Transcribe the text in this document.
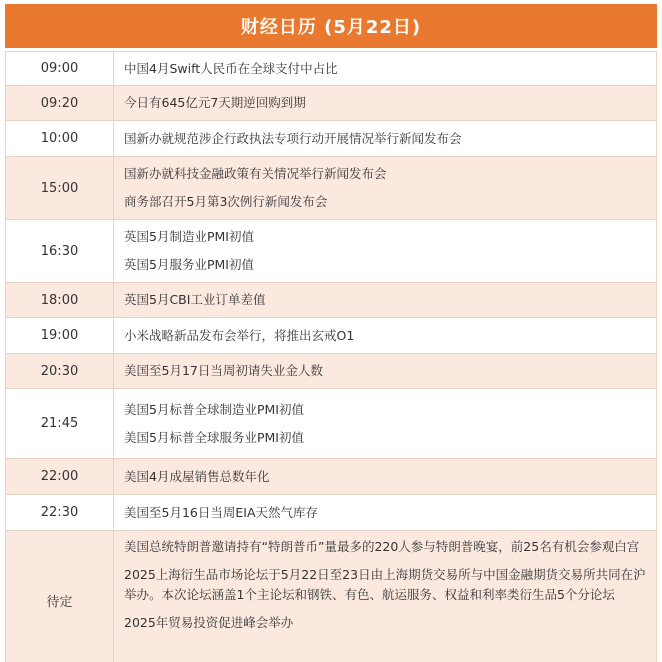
财经日历 (5月22日)
09:00	中国4月Swift人民币在全球支付中占比

09:20	今日有645亿元7天期逆回购到期

10:00	国新办就规范涉企行政执法专项行动开展情况举行新闻发布会

15:00	国新办就科技金融政策有关情况举行新闻发布会
商务部召开5月第3次例行新闻发布会

16:30	英国5月制造业PMI初值
英国5月服务业PMI初值

18:00	英国5月CBI工业订单差值

19:00	小米战略新品发布会举行，将推出玄戒O1

20:30	美国至5月17日当周初请失业金人数

21:45	美国5月标普全球制造业PMI初值
美国5月标普全球服务业PMI初值

22:00	美国4月成屋销售总数年化

22:30	美国至5月16日当周EIA天然气库存

待定	美国总统特朗普邀请持有“特朗普币”量最多的220人参与特朗普晚宴，前25名有机会参观白宫
2025上海衍生品市场论坛于5月22日至23日由上海期货交易所与中国金融期货交易所共同在沪举办。本次论坛涵盖1个主论坛和钢铁、有色、航运服务、权益和利率类衍生品5个分论坛
2025年贸易投资促进峰会举办
